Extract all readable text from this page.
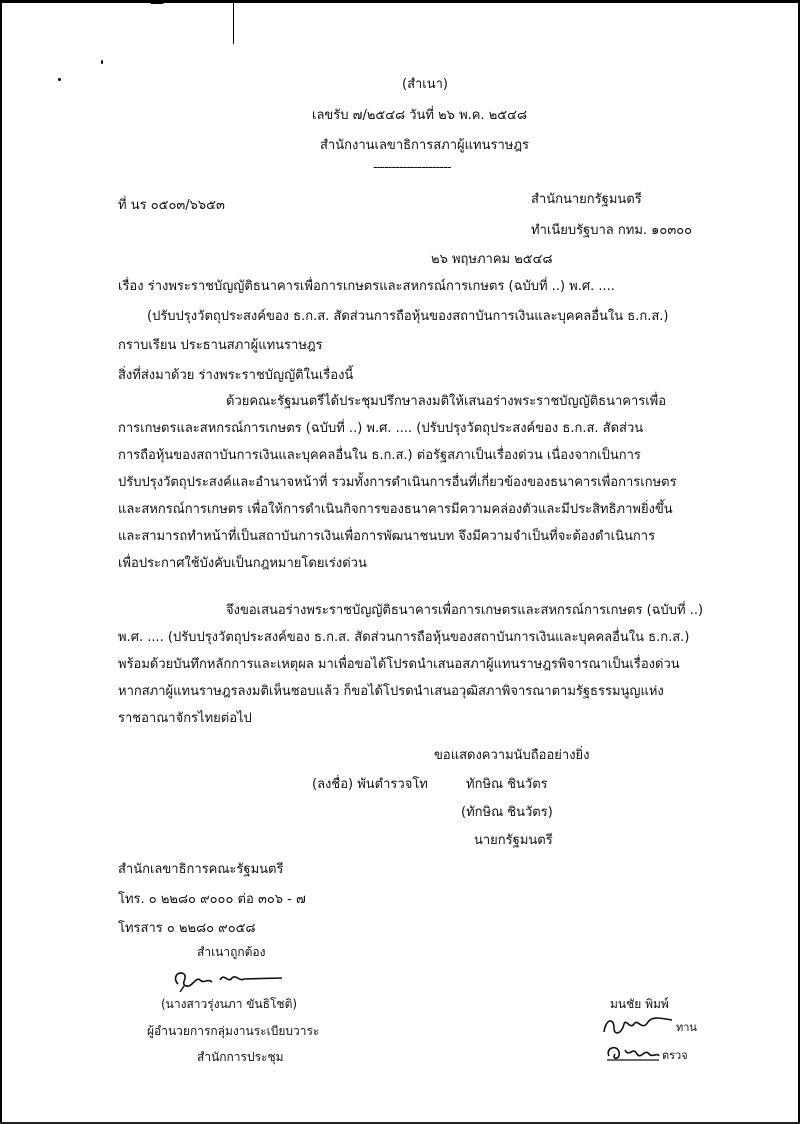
(สำเนา)
เลขรับ ๗/๒๕๔๘ วันที่ ๒๖ พ.ค. ๒๕๔๘
สำนักงานเลขาธิการสภาผู้แทนราษฎร
---------------------
ที่ นร ๐๕๐๓/๖๖๕๓	สำนักนายกรัฐมนตรี
ทำเนียบรัฐบาล กทม. ๑๐๓๐๐
๒๖ พฤษภาคม ๒๕๔๘
เรื่อง ร่างพระราชบัญญัติธนาคารเพื่อการเกษตรและสหกรณ์การเกษตร (ฉบับที่ ..) พ.ศ. ....
(ปรับปรุงวัตถุประสงค์ของ ธ.ก.ส. สัดส่วนการถือหุ้นของสถาบันการเงินและบุคคลอื่นใน ธ.ก.ส.)
กราบเรียน ประธานสภาผู้แทนราษฎร
สิ่งที่ส่งมาด้วย ร่างพระราชบัญญัติในเรื่องนี้
ด้วยคณะรัฐมนตรีได้ประชุมปรึกษาลงมติให้เสนอร่างพระราชบัญญัติธนาคารเพื่อ
การเกษตรและสหกรณ์การเกษตร (ฉบับที่ ..) พ.ศ. .... (ปรับปรุงวัตถุประสงค์ของ ธ.ก.ส. สัดส่วน
การถือหุ้นของสถาบันการเงินและบุคคลอื่นใน ธ.ก.ส.) ต่อรัฐสภาเป็นเรื่องด่วน เนื่องจากเป็นการ
ปรับปรุงวัตถุประสงค์และอำนาจหน้าที่ รวมทั้งการดำเนินการอื่นที่เกี่ยวข้องของธนาคารเพื่อการเกษตร
และสหกรณ์การเกษตร เพื่อให้การดำเนินกิจการของธนาคารมีความคล่องตัวและมีประสิทธิภาพยิ่งขึ้น
และสามารถทำหน้าที่เป็นสถาบันการเงินเพื่อการพัฒนาชนบท จึงมีความจำเป็นที่จะต้องดำเนินการ
เพื่อประกาศใช้บังคับเป็นกฎหมายโดยเร่งด่วน
จึงขอเสนอร่างพระราชบัญญัติธนาคารเพื่อการเกษตรและสหกรณ์การเกษตร (ฉบับที่ ..)
พ.ศ. .... (ปรับปรุงวัตถุประสงค์ของ ธ.ก.ส. สัดส่วนการถือหุ้นของสถาบันการเงินและบุคคลอื่นใน ธ.ก.ส.)
พร้อมด้วยบันทึกหลักการและเหตุผล มาเพื่อขอได้โปรดนำเสนอสภาผู้แทนราษฎรพิจารณาเป็นเรื่องด่วน
หากสภาผู้แทนราษฎรลงมติเห็นชอบแล้ว ก็ขอได้โปรดนำเสนอวุฒิสภาพิจารณาตามรัฐธรรมนูญแห่ง
ราชอาณาจักรไทยต่อไป
ขอแสดงความนับถืออย่างยิ่ง
(ลงชื่อ) พันตำรวจโท	ทักษิณ ชินวัตร
(ทักษิณ ชินวัตร)
นายกรัฐมนตรี
สำนักเลขาธิการคณะรัฐมนตรี
โทร. ๐ ๒๒๘๐ ๙๐๐๐ ต่อ ๓๐๖ - ๗
โทรสาร ๐ ๒๒๘๐ ๙๐๕๘
สำเนาถูกต้อง
(นางสาวรุ่งนภา ขันธิโชติ)
ผู้อำนวยการกลุ่มงานระเบียบวาระ
สำนักการประชุม
มนชัย พิมพ์
ทาน
ตรวจ
